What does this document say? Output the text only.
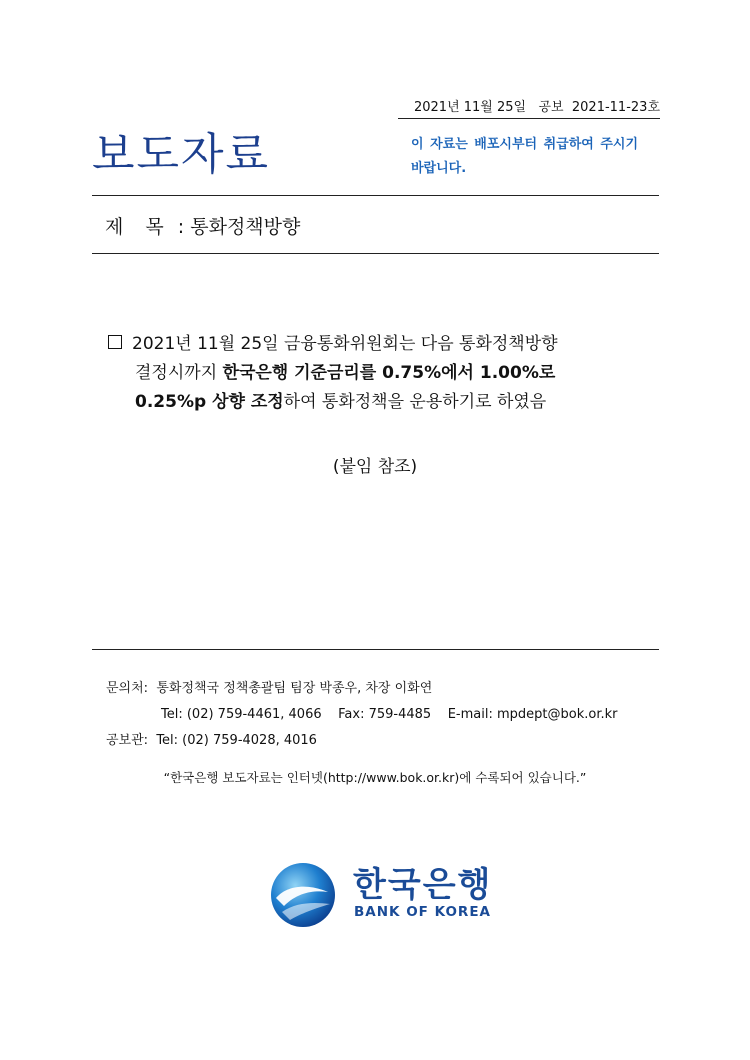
2021년 11월 25일 공보 2021-11-23호
보도자료	이 자료는 배포시부터 취급하여 주시기
바랍니다.
제 목 : 통화정책방향
2021년 11월 25일 금융통화위원회는 다음 통화정책방향
결정시까지 한국은행 기준금리를 0.75%에서 1.00%로
0.25%p 상향 조정하여 통화정책을 운용하기로 하였음
(붙임 참조)
문의처: 통화정책국 정책총괄팀 팀장 박종우, 차장 이화연
Tel: (02) 759-4461, 4066 Fax: 759-4485 E-mail: mpdept@bok.or.kr
공보관: Tel: (02) 759-4028, 4016
“한국은행 보도자료는 인터넷(http://www.bok.or.kr)에 수록되어 있습니다.”
한국은행
BANK OF KOREA
